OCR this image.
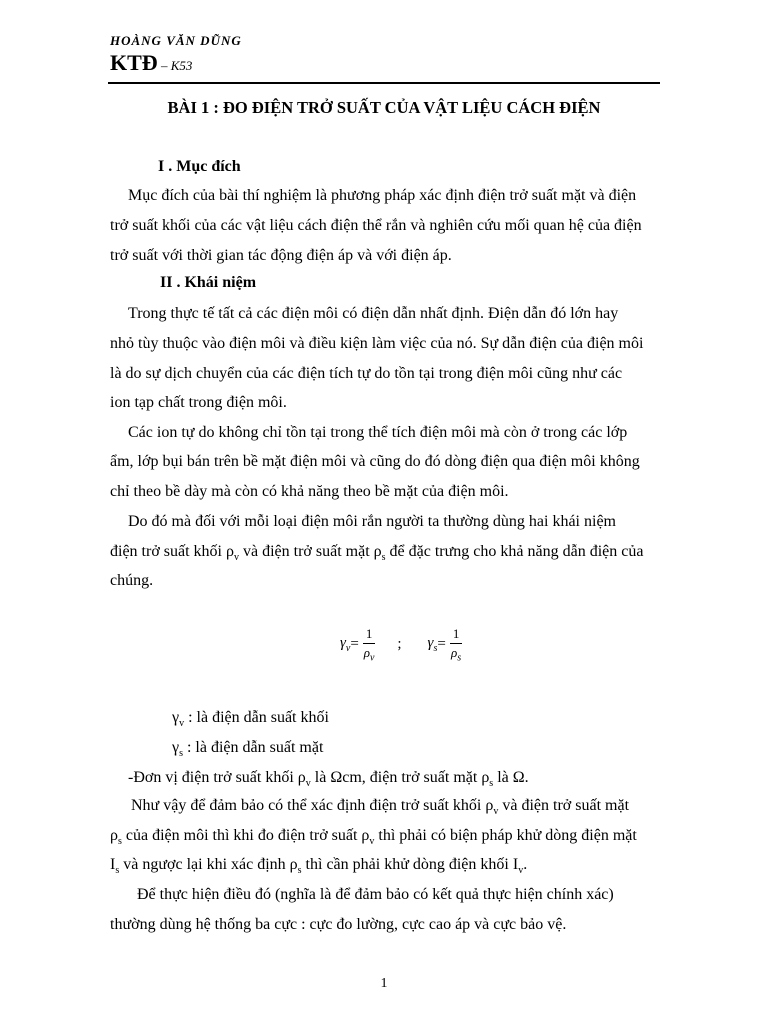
HOÀNG VĂN DŨNG
KTĐ – K53
BÀI 1 : ĐO ĐIỆN TRỞ SUẤT CỦA VẬT LIỆU CÁCH ĐIỆN
I . Mục đích

Mục đích của bài thí nghiệm là phương pháp xác định điện trở suất mặt và điện

trở suất khối của các vật liệu cách điện thể rắn và nghiên cứu mối quan hệ của điện

trở suất với thời gian tác động điện áp và với điện áp.

II . Khái niệm

Trong thực tế tất cả các điện môi có điện dẫn nhất định. Điện dẫn đó lớn hay

nhỏ tùy thuộc vào điện môi và điều kiện làm việc của nó. Sự dẫn điện của điện môi

là do sự dịch chuyển của các điện tích tự do tồn tại trong điện môi cũng như các

ion tạp chất trong điện môi.

Các ion tự do không chỉ tồn tại trong thể tích điện môi mà còn ở trong các lớp

ẩm, lớp bụi bán trên bề mặt điện môi và cũng do đó dòng điện qua điện môi không

chỉ theo bề dày mà còn có khả năng theo bề mặt của điện môi.

Do đó mà đối với mỗi loại điện môi rắn người ta thường dùng hai khái niệm

điện trở suất khối $\rho_v$ và điện trở suất mặt $\rho_s$ để đặc trưng cho khả năng dẫn điện của

chúng.

$\gamma_v = \frac{1}{\rho_v}$ ; $\gamma_s = \frac{1}{\rho_s}$

$\gamma_v$ : là điện dẫn suất khối

$\gamma_s$ : là điện dẫn suất mặt

-Đơn vị điện trở suất khối $\rho_v$ là Ωcm, điện trở suất mặt $\rho_s$ là Ω.

Như vậy để đảm bảo có thể xác định điện trở suất khối $\rho_v$ và điện trở suất mặt

$\rho_s$ của điện môi thì khi đo điện trở suất $\rho_v$ thì phải có biện pháp khử dòng điện mặt

$I_s$ và ngược lại khi xác định $\rho_s$ thì cần phải khử dòng điện khối $I_v$.

Để thực hiện điều đó (nghĩa là để đảm bảo có kết quả thực hiện chính xác)

thường dùng hệ thống ba cực : cực đo lường, cực cao áp và cực bảo vệ.

1
